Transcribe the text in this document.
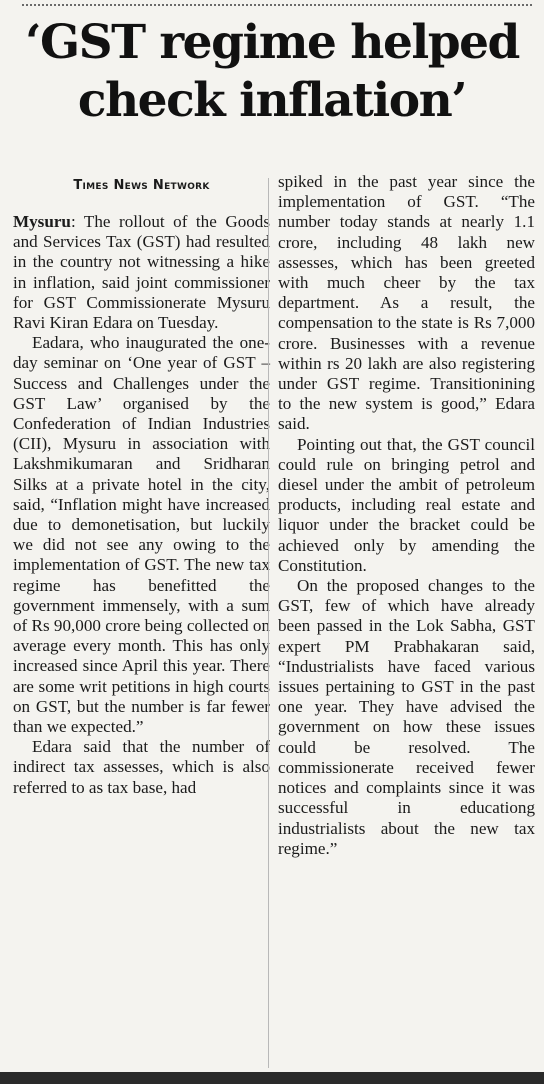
‘GST regime helped check inflation’
Times News Network

Mysuru: The rollout of the Goods and Services Tax (GST) had resulted in the country not witnessing a hike in inflation, said joint commissioner for GST Commissionerate Mysuru Ravi Kiran Edara on Tuesday.

Eadara, who inaugurated the one-day seminar on ‘One year of GST – Success and Challenges under the GST Law’ organised by the Confederation of Indian Industries (CII), Mysuru in association with Lakshmikumaran and Sridharan Silks at a private hotel in the city, said, “Inflation might have increased due to demonetisation, but luckily we did not see any owing to the implementation of GST. The new tax regime has benefitted the government immensely, with a sum of Rs 90,000 crore being collected on average every month. This has only increased since April this year. There are some writ petitions in high courts on GST, but the number is far fewer than we expected.”

Edara said that the number of indirect tax assesses, which is also referred to as tax base, had

spiked in the past year since the implementation of GST. “The number today stands at nearly 1.1 crore, including 48 lakh new assesses, which has been greeted with much cheer by the tax department. As a result, the compensation to the state is Rs 7,000 crore. Businesses with a revenue within rs 20 lakh are also registering under GST regime. Transitionining to the new system is good,” Edara said.

Pointing out that, the GST council could rule on bringing petrol and diesel under the ambit of petroleum products, including real estate and liquor under the bracket could be achieved only by amending the Constitution.

On the proposed changes to the GST, few of which have already been passed in the Lok Sabha, GST expert PM Prabhakaran said, “Industrialists have faced various issues pertaining to GST in the past one year. They have advised the government on how these issues could be resolved. The commissionerate received fewer notices and complaints since it was successful in educationg industrialists about the new tax regime.”
